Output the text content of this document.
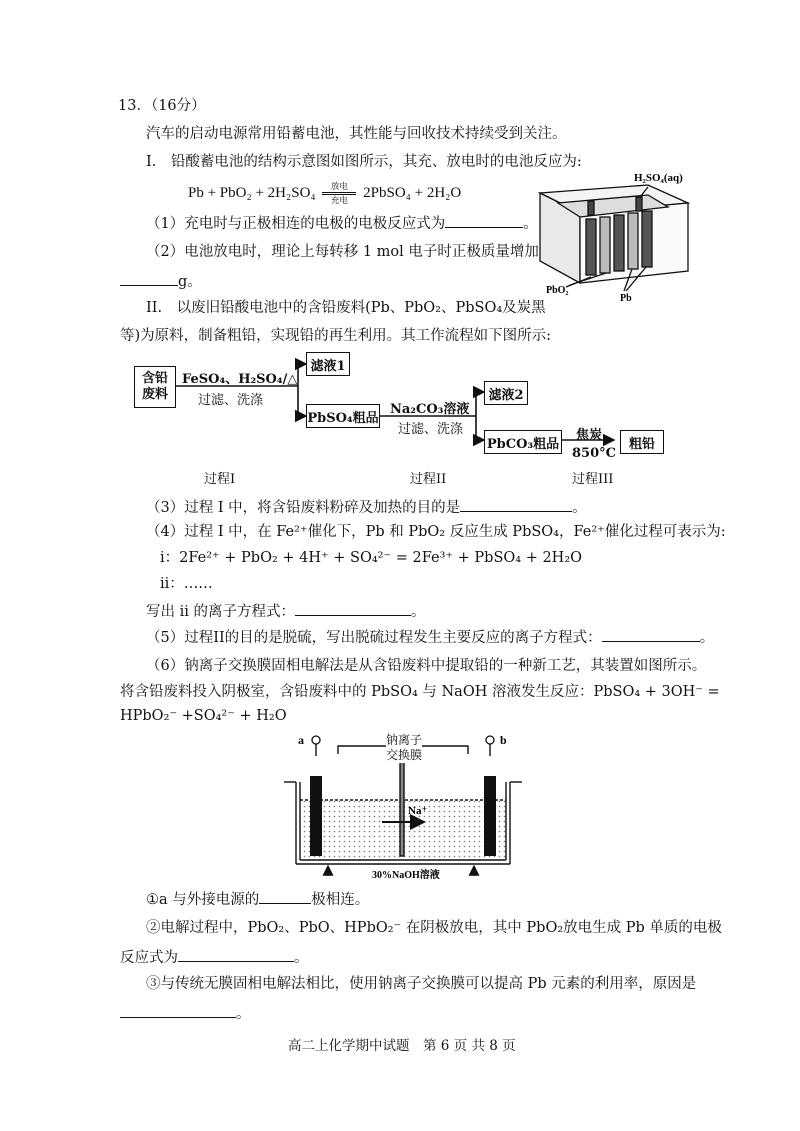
13．（16分）
汽车的启动电源常用铅蓄电池，其性能与回收技术持续受到关注。
I.　铅酸蓄电池的结构示意图如图所示，其充、放电时的电池反应为:
Pb + PbO₂ + 2H₂SO₄ 放电
充电 2PbSO₄ + 2H₂O
（1）充电时与正极相连的电极的电极反应式为	。
（2）电池放电时，理论上每转移 1 mol 电子时正极质量增加
g。
H₂SO₄(aq)
PbO₂
Pb
II.　以废旧铅酸电池中的含铅废料(Pb、PbO₂、PbSO₄及炭黑
等)为原料，制备粗铅，实现铅的再生利用。其工作流程如下图所示:
含铅
废料
FeSO₄、H₂SO₄/△
过滤、洗涤
滤液1
PbSO₄粗品
Na₂CO₃溶液
过滤、洗涤
滤液2
PbCO₃粗品
焦炭
850°C
粗铅
过程I	过程II	过程III
（3）过程 I 中，将含铅废料粉碎及加热的目的是	。
（4）过程 I 中，在 Fe²⁺催化下，Pb 和 PbO₂ 反应生成 PbSO₄，Fe²⁺催化过程可表示为:
i：2Fe²⁺ + PbO₂ + 4H⁺ + SO₄²⁻ = 2Fe³⁺ + PbSO₄ + 2H₂O
ii：……
写出 ii 的离子方程式：	。
（5）过程II的目的是脱硫，写出脱硫过程发生主要反应的离子方程式：	。
（6）钠离子交换膜固相电解法是从含铅废料中提取铅的一种新工艺，其装置如图所示。
将含铅废料投入阴极室，含铅废料中的 PbSO₄ 与 NaOH 溶液发生反应：PbSO₄ + 3OH⁻ =
HPbO₂⁻ +SO₄²⁻ + H₂O
a	b
Na⁺
30%NaOH溶液
钠离子
交换膜
①a 与外接电源的	极相连。
②电解过程中，PbO₂、PbO、HPbO₂⁻ 在阴极放电，其中 PbO₂放电生成 Pb 单质的电极
反应式为	。
③与传统无膜固相电解法相比，使用钠离子交换膜可以提高 Pb 元素的利用率，原因是
。
高二上化学期中试题　第 6 页 共 8 页
